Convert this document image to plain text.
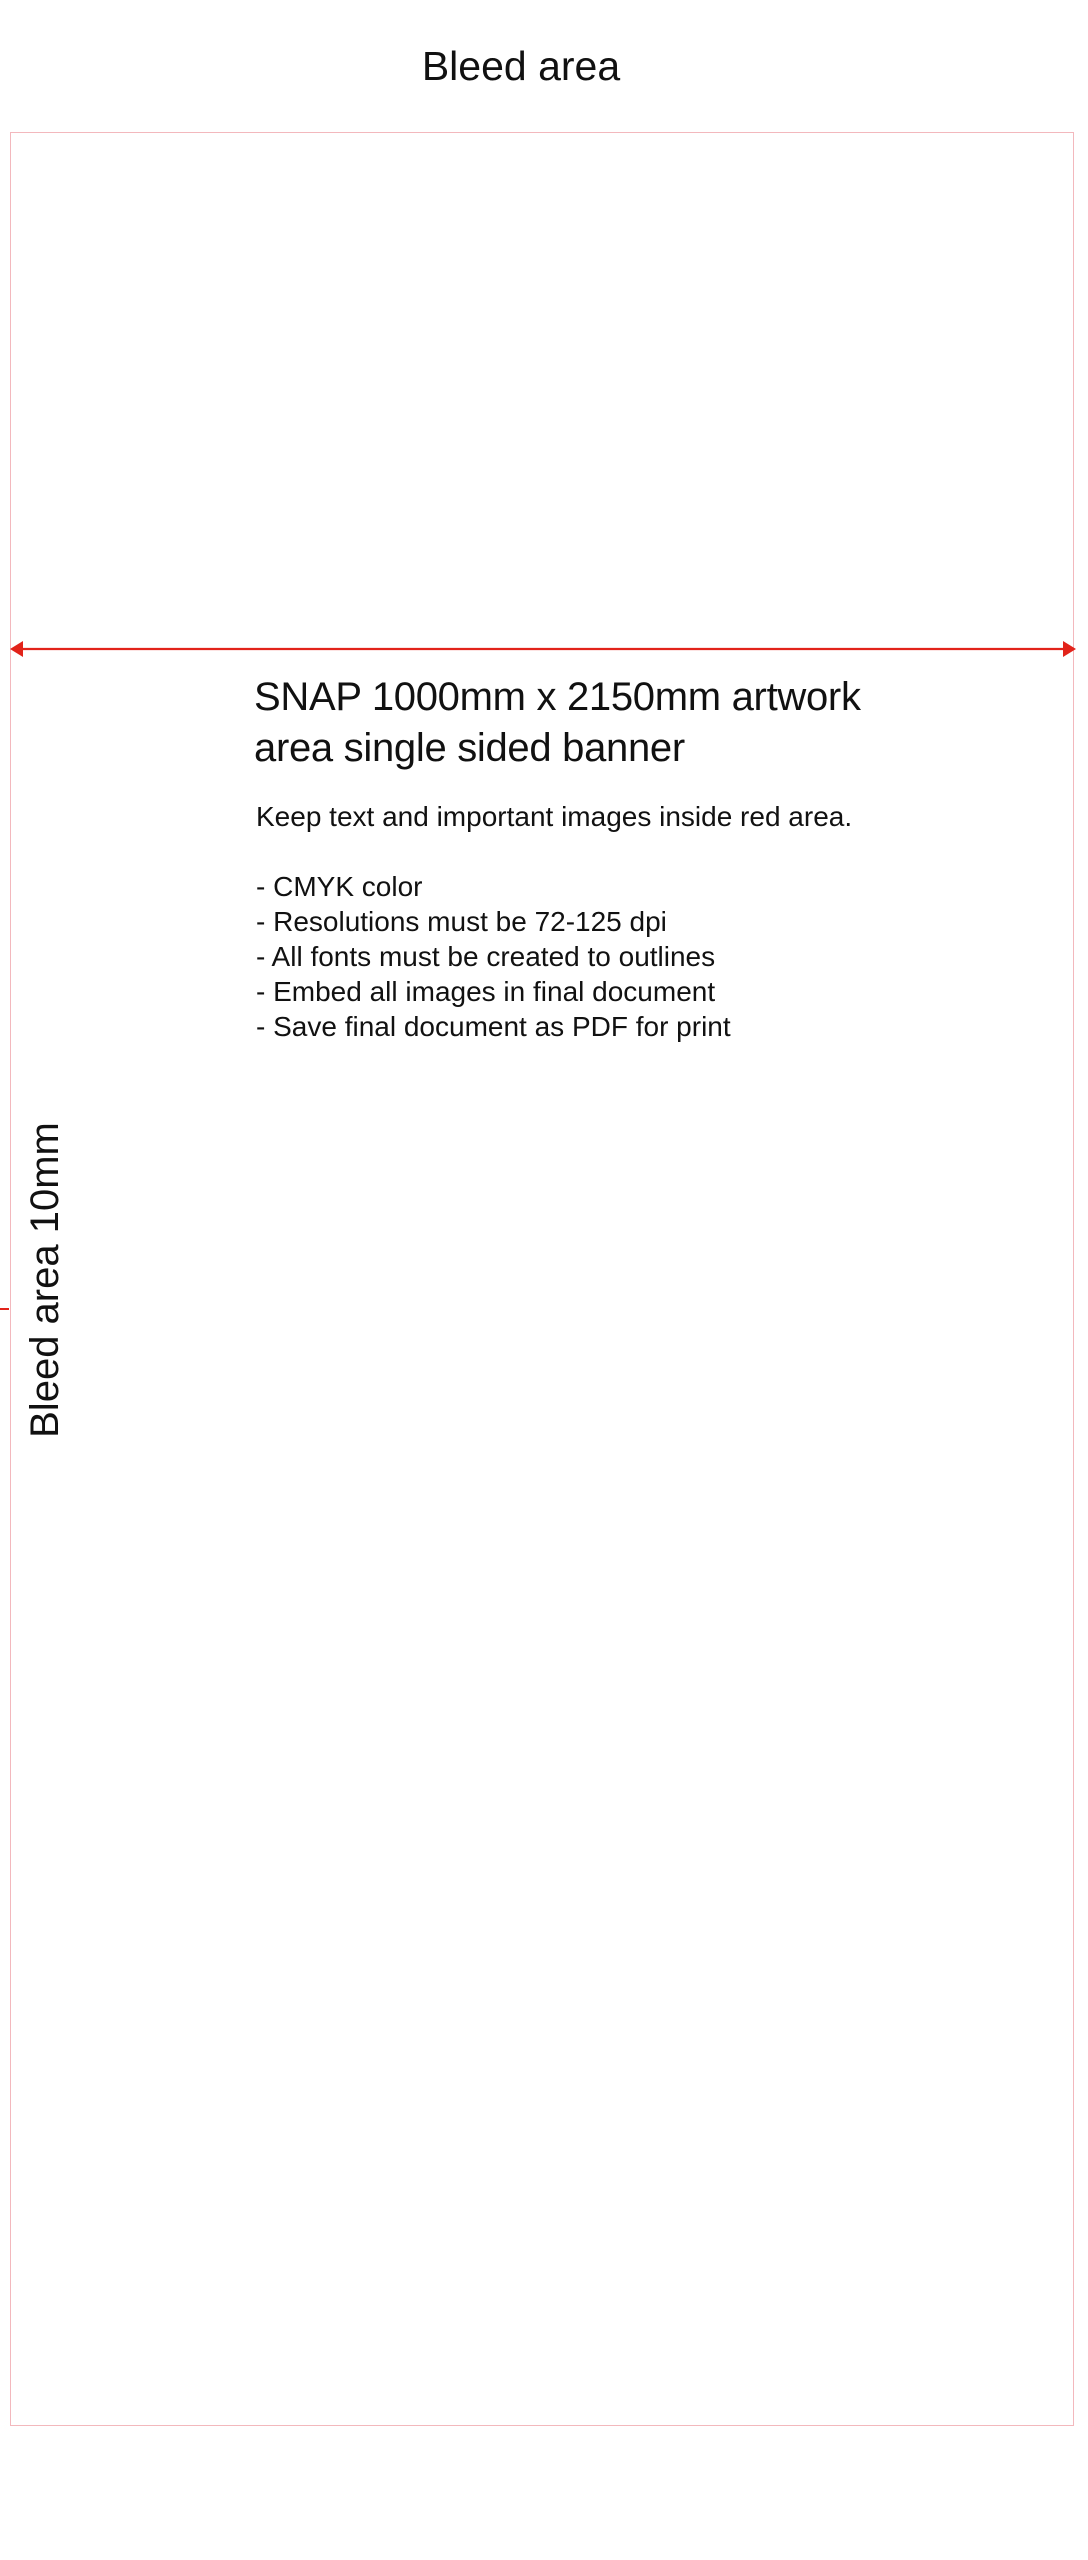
Bleed area
Bleed area 10mm
SNAP 1000mm x 2150mm artwork
area single sided banner
Keep text and important images inside red area.
- CMYK color
- Resolutions must be 72-125 dpi
- All fonts must be created to outlines
- Embed all images in final document
- Save final document as PDF for print
